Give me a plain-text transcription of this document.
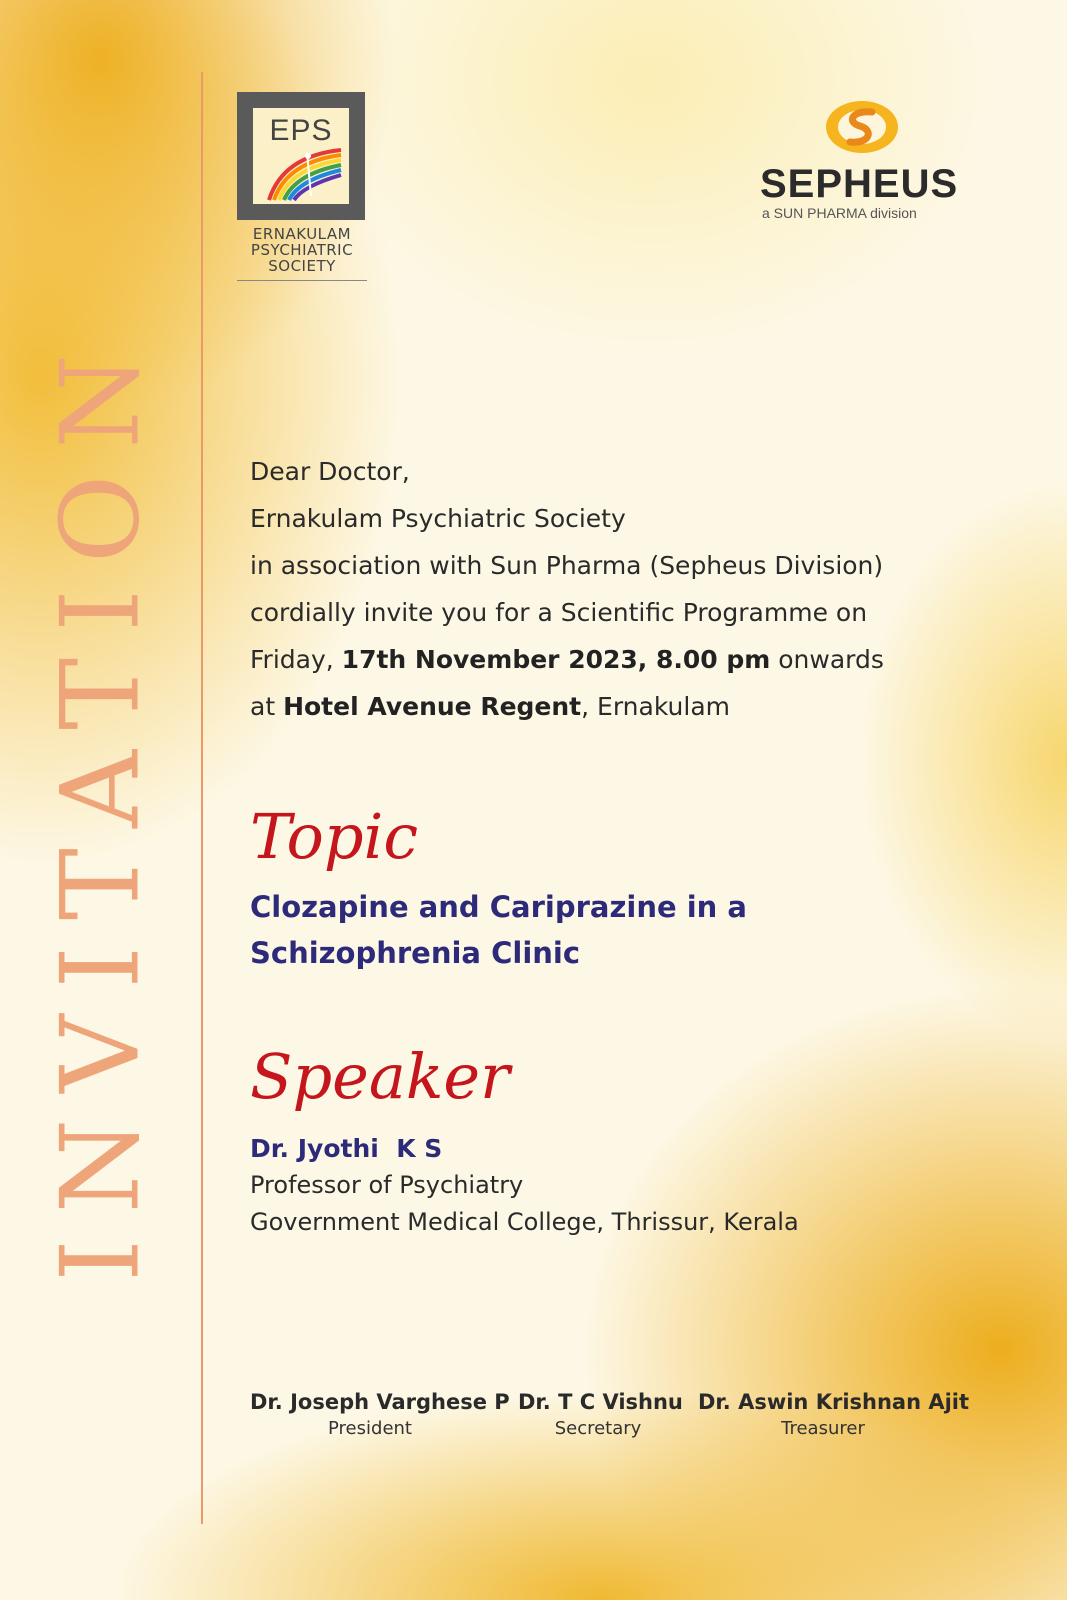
INVITATION
EPS
ERNAKULAM
PSYCHIATRIC
SOCIETY
SEPHEUS
a SUN PHARMA division
Dear Doctor,
Ernakulam Psychiatric Society
in association with Sun Pharma (Sepheus Division)
cordially invite you for a Scientific Programme on
Friday, 17th November 2023, 8.00 pm onwards
at Hotel Avenue Regent, Ernakulam
Topic
Clozapine and Cariprazine in a
Schizophrenia Clinic
Speaker
Dr. Jyothi  K S
Professor of Psychiatry
Government Medical College, Thrissur, Kerala
Dr. Joseph Varghese P
President
Dr. T C Vishnu
Secretary
Dr. Aswin Krishnan Ajit
Treasurer
